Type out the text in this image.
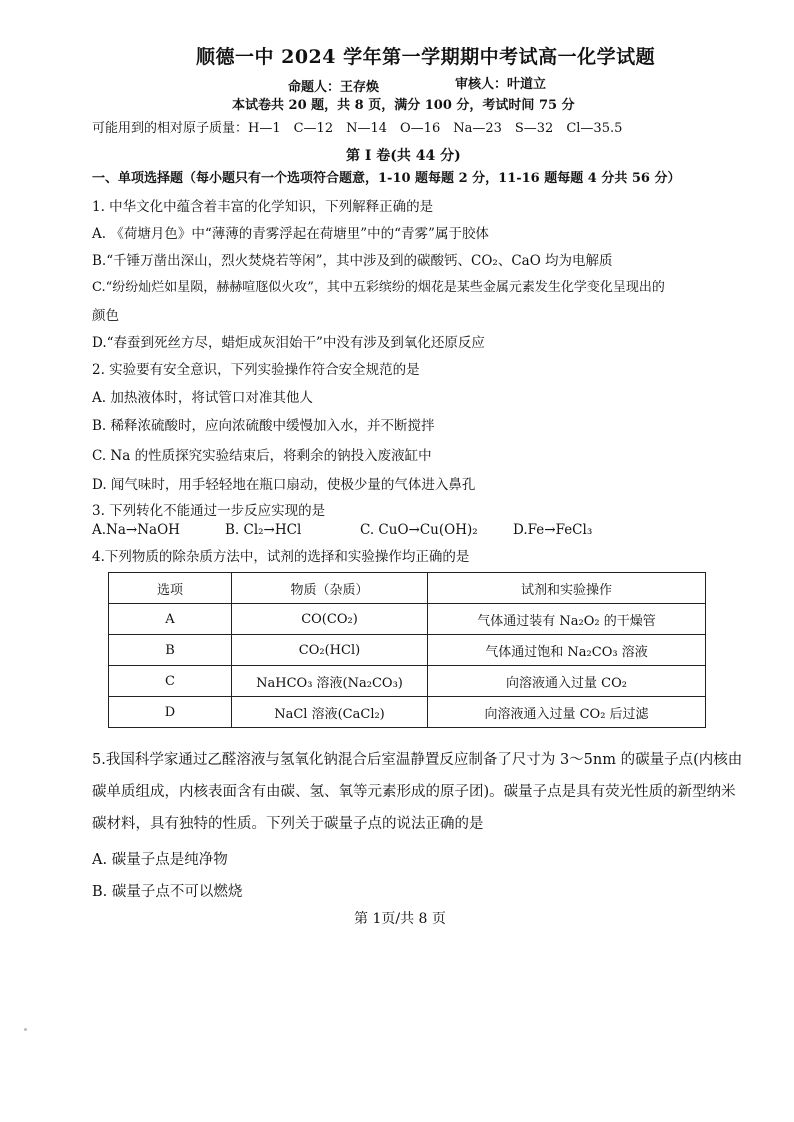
顺德一中 2024 学年第一学期期中考试高一化学试题
命题人：王存焕	审核人：叶道立
本试卷共 20 题，共 8 页，满分 100 分，考试时间 75 分
可能用到的相对原子质量：H—1　C—12　N—14　O—16　Na—23　S—32　Cl—35.5
第 I 卷(共 44 分)
一、单项选择题（每小题只有一个选项符合题意，1-10 题每题 2 分，11-16 题每题 4 分共 56 分）
1. 中华文化中蕴含着丰富的化学知识，下列解释正确的是
A. 《荷塘月色》中“薄薄的青雾浮起在荷塘里”中的“青雾”属于胶体
B.“千锤万凿出深山，烈火焚烧若等闲”，其中涉及到的碳酸钙、CO₂、CaO 均为电解质
C.“纷纷灿烂如星陨，赫赫喧豗似火攻”，其中五彩缤纷的烟花是某些金属元素发生化学变化呈现出的
颜色
D.“春蚕到死丝方尽，蜡炬成灰泪始干”中没有涉及到氧化还原反应
2. 实验要有安全意识，下列实验操作符合安全规范的是
A. 加热液体时，将试管口对准其他人
B. 稀释浓硫酸时，应向浓硫酸中缓慢加入水，并不断搅拌
C. Na 的性质探究实验结束后，将剩余的钠投入废液缸中
D. 闻气味时，用手轻轻地在瓶口扇动，使极少量的气体进入鼻孔
3. 下列转化不能通过一步反应实现的是
A.Na→NaOH	B. Cl₂→HCl	C. CuO→Cu(OH)₂	D.Fe→FeCl₃
4.下列物质的除杂质方法中，试剂的选择和实验操作均正确的是
选项	物质（杂质）	试剂和实验操作
A	CO(CO₂)	气体通过装有 Na₂O₂ 的干燥管
B	CO₂(HCl)	气体通过饱和 Na₂CO₃ 溶液
C	NaHCO₃ 溶液(Na₂CO₃)	向溶液通入过量 CO₂
D	NaCl 溶液(CaCl₂)	向溶液通入过量 CO₂ 后过滤
5.我国科学家通过乙醛溶液与氢氧化钠混合后室温静置反应制备了尺寸为 3～5nm 的碳量子点(内核由
碳单质组成，内核表面含有由碳、氢、氧等元素形成的原子团)。碳量子点是具有荧光性质的新型纳米
碳材料，具有独特的性质。下列关于碳量子点的说法正确的是
A. 碳量子点是纯净物
B. 碳量子点不可以燃烧
第 1页/共 8 页
